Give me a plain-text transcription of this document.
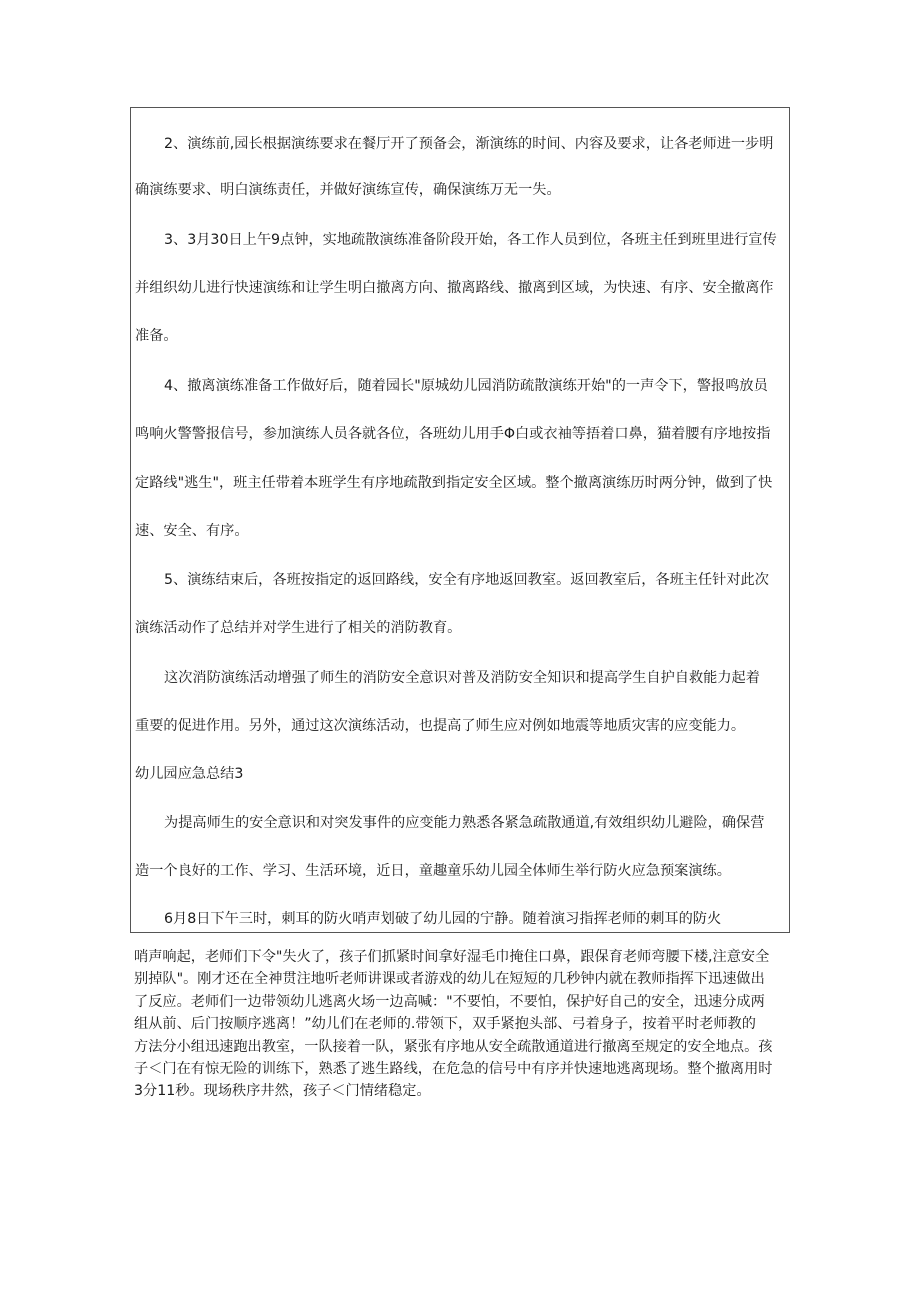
2、演练前,园长根据演练要求在餐厅开了预备会，渐演练的时间、内容及要求，让各老师进一步明
确演练要求、明白演练责任，并做好演练宣传，确保演练万无一失。
3、3月30日上午9点钟，实地疏散演练准备阶段开始，各工作人员到位，各班主任到班里进行宣传
并组织幼儿进行快速演练和让学生明白撤离方向、撤离路线、撤离到区域，为快速、有序、安全撤离作
准备。
4、撤离演练准备工作做好后，随着园长"原城幼儿园消防疏散演练开始"的一声令下，警报鸣放员
鸣响火警警报信号，参加演练人员各就各位，各班幼儿用手Φ白或衣袖等捂着口鼻，猫着腰有序地按指
定路线"逃生"，班主任带着本班学生有序地疏散到指定安全区域。整个撤离演练历时两分钟，做到了快
速、安全、有序。
5、演练结束后，各班按指定的返回路线，安全有序地返回教室。返回教室后，各班主任针对此次
演练活动作了总结并对学生进行了相关的消防教育。
这次消防演练活动增强了师生的消防安全意识对普及消防安全知识和提高学生自护自救能力起着
重要的促进作用。另外，通过这次演练活动，也提高了师生应对例如地震等地质灾害的应变能力。
幼儿园应急总结3
为提高师生的安全意识和对突发事件的应变能力熟悉各紧急疏散通道,有效组织幼儿避险，确保营
造一个良好的工作、学习、生活环境，近日，童趣童乐幼儿园全体师生举行防火应急预案演练。
6月8日下午三时，刺耳的防火哨声划破了幼儿园的宁静。随着演习指挥老师的刺耳的防火
哨声响起，老师们下令"失火了，孩子们抓紧时间拿好湿毛巾掩住口鼻，跟保育老师弯腰下楼,注意安全
别掉队"。刚才还在全神贯注地听老师讲课或者游戏的幼儿在短短的几秒钟内就在教师指挥下迅速做出
了反应。老师们一边带领幼儿逃离火场一边高喊："不要怕，不要怕，保护好自己的安全，迅速分成两
组从前、后门按顺序逃离！”幼儿们在老师的.带领下，双手紧抱头部、弓着身子，按着平时老师教的
方法分小组迅速跑出教室，一队接着一队，紧张有序地从安全疏散通道进行撤离至规定的安全地点。孩
子＜门在有惊无险的训练下，熟悉了逃生路线，在危急的信号中有序并快速地逃离现场。整个撤离用时
3分11秒。现场秩序井然，孩子＜门情绪稳定。
